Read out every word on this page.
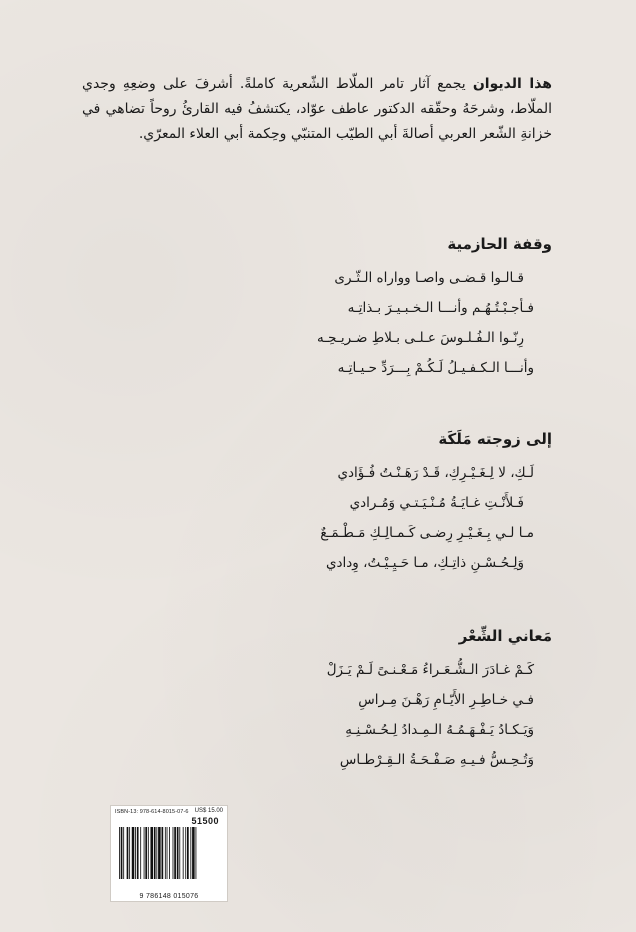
هذا الديوان يجمع آثار تامر الملّاط الشّعرية كاملةً. أشرفَ على وضعِهِ وجدي الملّاط، وشرحَهُ وحقّقه الدكتور عاطف عوّاد، يكتشفُ فيه القارئُ روحاً تضاهي في خزانةِ الشّعر العربي أصالةَ أبي الطيّب المتنبّي وحِكمة أبي العلاء المعرّي.
وقفة الحازمية
قـالـوا قـضـى واصـا وواراه الـثّـرى
فـأجـبْـتُـهُـم وأنـــا الـخـبـيـرَ بـذاتِـه
رِنّـوا الـفُـلـوسَ عـلـى بـلاطِ ضـريـحِـه
وأنـــا الـكـفـيـلُ لَـكُـمْ بِـــرَدِّ حـيـاتِـه
إلى زوجته مَلَكَة
لَـكِ، لا لِـغَـيْـرِكِ، قَـدْ رَهَـنْـتُ فُـؤَادي
فَـلأَنْـتِ غـايَـةُ مُـنْـيَـتـي وَمُـرادي
مـا لـي بِـغَـيْـرِ رِضـى كَـمـالِـكِ مَـطْـمَـعٌ
وَلِـحُـسْـنِ ذاتِـكِ، مـا حَـيِـيْـتُ، وِدادي
مَعاني الشِّعْر
كَـمْ غـادَرَ الـشُّـعَـراءُ مَـعْـنـىً لَـمْ يَـزَلْ
فـي خـاطِـرِ الأَيّـامِ رَهْـنَ مِـراسِ
وَيَـكـادُ يَـفْـهَـمُـهُ الـمِـدادُ لِـحُـسْـنِـهِ
وَتُـحِـسُّ فـيـهِ صَـفْـحَـةُ الـقِـرْطـاسِ
ISBN-13: 978-614-8015-07-6 US$ 15.00
51500
9 786148 015076
